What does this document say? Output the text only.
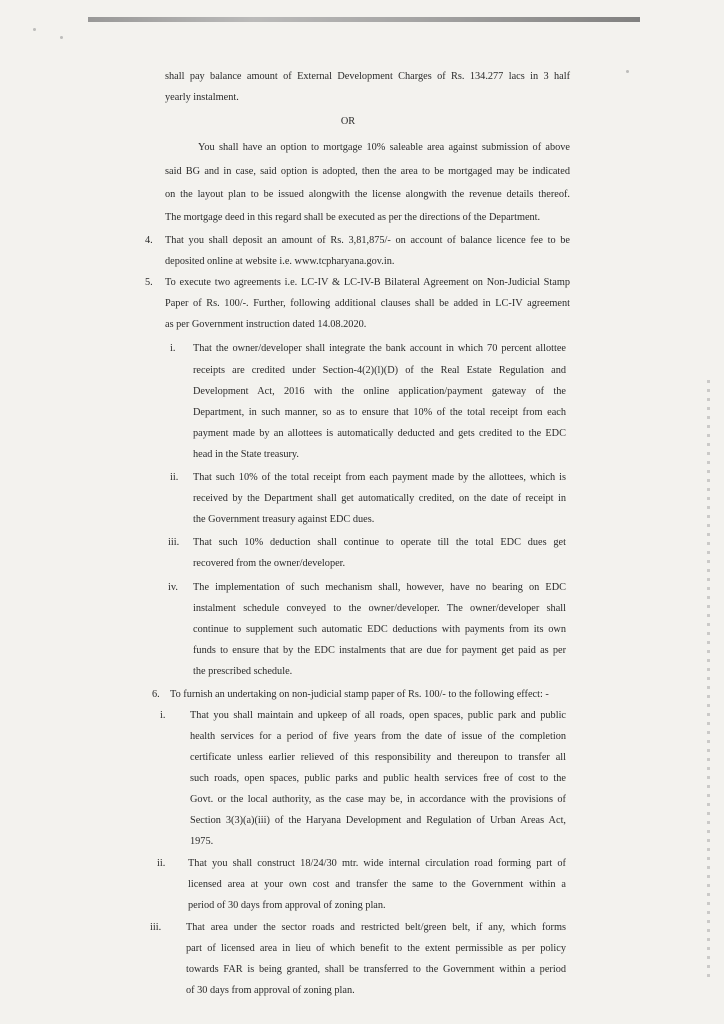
shall pay balance amount of External Development Charges of Rs. 134.277 lacs in 3 half
yearly instalment.
OR
You shall have an option to mortgage 10% saleable area against submission of above
said BG and in case, said option is adopted, then the area to be mortgaged may be indicated
on the layout plan to be issued alongwith the license alongwith the revenue details thereof.
The mortgage deed in this regard shall be executed as per the directions of the Department.
4. That you shall deposit an amount of Rs. 3,81,875/- on account of balance licence fee to be
deposited online at website i.e. www.tcpharyana.gov.in.
5. To execute two agreements i.e. LC-IV & LC-IV-B Bilateral Agreement on Non-Judicial Stamp
Paper of Rs. 100/-. Further, following additional clauses shall be added in LC-IV agreement
as per Government instruction dated 14.08.2020.
i. That the owner/developer shall integrate the bank account in which 70 percent allottee
receipts are credited under Section-4(2)(l)(D) of the Real Estate Regulation and
Development Act, 2016 with the online application/payment gateway of the
Department, in such manner, so as to ensure that 10% of the total receipt from each
payment made by an allottees is automatically deducted and gets credited to the EDC
head in the State treasury.
ii. That such 10% of the total receipt from each payment made by the allottees, which is
received by the Department shall get automatically credited, on the date of receipt in
the Government treasury against EDC dues.
iii. That such 10% deduction shall continue to operate till the total EDC dues get
recovered from the owner/developer.
iv. The implementation of such mechanism shall, however, have no bearing on EDC
instalment schedule conveyed to the owner/developer. The owner/developer shall
continue to supplement such automatic EDC deductions with payments from its own
funds to ensure that by the EDC instalments that are due for payment get paid as per
the prescribed schedule.
6. To furnish an undertaking on non-judicial stamp paper of Rs. 100/- to the following effect: -
i. That you shall maintain and upkeep of all roads, open spaces, public park and public
health services for a period of five years from the date of issue of the completion
certificate unless earlier relieved of this responsibility and thereupon to transfer all
such roads, open spaces, public parks and public health services free of cost to the
Govt. or the local authority, as the case may be, in accordance with the provisions of
Section 3(3)(a)(iii) of the Haryana Development and Regulation of Urban Areas Act,
1975.
ii. That you shall construct 18/24/30 mtr. wide internal circulation road forming part of
licensed area at your own cost and transfer the same to the Government within a
period of 30 days from approval of zoning plan.
iii. That area under the sector roads and restricted belt/green belt, if any, which forms
part of licensed area in lieu of which benefit to the extent permissible as per policy
towards FAR is being granted, shall be transferred to the Government within a period
of 30 days from approval of zoning plan.
